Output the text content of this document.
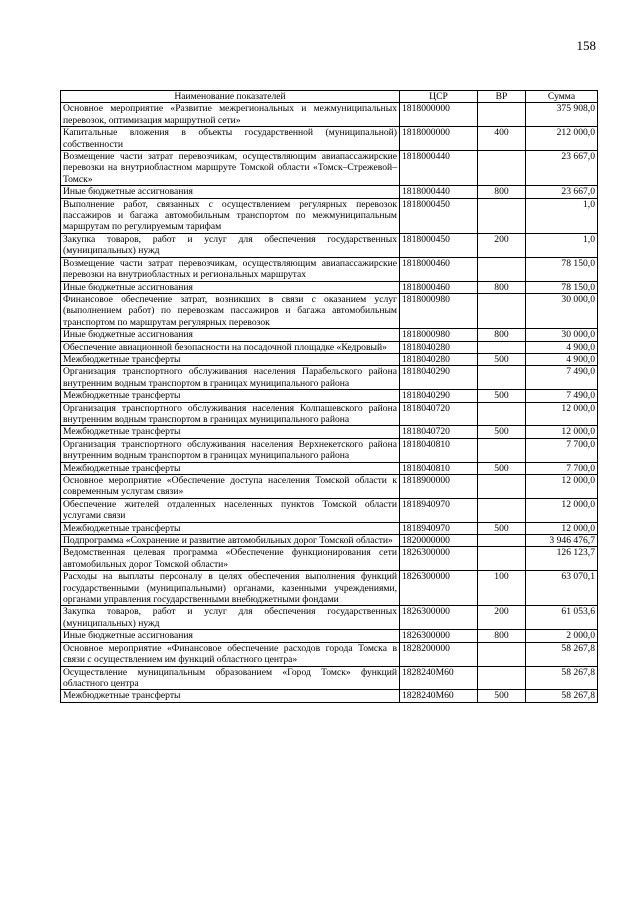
158
Наименование показателей	ЦСР	ВР	Сумма
Основное мероприятие «Развитие межрегиональных и межмуниципальных перевозок, оптимизация маршрутной сети»	1818000000		375 908,0
Капитальные вложения в объекты государственной (муниципальной) собственности	1818000000	400	212 000,0
Возмещение части затрат перевозчикам, осуществляющим авиапассажирские перевозки на внутриобластном маршруте Томской области «Томск–Стрежевой–Томск»	1818000440		23 667,0
Иные бюджетные ассигнования	1818000440	800	23 667,0
Выполнение работ, связанных с осуществлением регулярных перевозок пассажиров и багажа автомобильным транспортом по межмуниципальным маршрутам по регулируемым тарифам	1818000450		1,0
Закупка товаров, работ и услуг для обеспечения государственных (муниципальных) нужд	1818000450	200	1,0
Возмещение части затрат перевозчикам, осуществляющим авиапассажирские перевозки на внутриобластных и региональных маршрутах	1818000460		78 150,0
Иные бюджетные ассигнования	1818000460	800	78 150,0
Финансовое обеспечение затрат, возникших в связи с оказанием услуг (выполнением работ) по перевозкам пассажиров и багажа автомобильным транспортом по маршрутам регулярных перевозок	1818000980		30 000,0
Иные бюджетные ассигнования	1818000980	800	30 000,0
Обеспечение авиационной безопасности на посадочной площадке «Кедровый»	1818040280		4 900,0
Межбюджетные трансферты	1818040280	500	4 900,0
Организация транспортного обслуживания населения Парабельского района внутренним водным транспортом в границах муниципального района	1818040290		7 490,0
Межбюджетные трансферты	1818040290	500	7 490,0
Организация транспортного обслуживания населения Колпашевского района внутренним водным транспортом в границах муниципального района	1818040720		12 000,0
Межбюджетные трансферты	1818040720	500	12 000,0
Организация транспортного обслуживания населения Верхнекетского района внутренним водным транспортом в границах муниципального района	1818040810		7 700,0
Межбюджетные трансферты	1818040810	500	7 700,0
Основное мероприятие «Обеспечение доступа населения Томской области к современным услугам связи»	1818900000		12 000,0
Обеспечение жителей отдаленных населенных пунктов Томской области услугами связи	1818940970		12 000,0
Межбюджетные трансферты	1818940970	500	12 000,0
Подпрограмма «Сохранение и развитие автомобильных дорог Томской области»	1820000000		3 946 476,7
Ведомственная целевая программа «Обеспечение функционирования сети автомобильных дорог Томской области»	1826300000		126 123,7
Расходы на выплаты персоналу в целях обеспечения выполнения функций государственными (муниципальными) органами, казенными учреждениями, органами управления государственными внебюджетными фондами	1826300000	100	63 070,1
Закупка товаров, работ и услуг для обеспечения государственных (муниципальных) нужд	1826300000	200	61 053,6
Иные бюджетные ассигнования	1826300000	800	2 000,0
Основное мероприятие «Финансовое обеспечение расходов города Томска в связи с осуществлением им функций областного центра»	1828200000		58 267,8
Осуществление муниципальным образованием «Город Томск» функций областного центра	1828240М60		58 267,8
Межбюджетные трансферты	1828240М60	500	58 267,8
